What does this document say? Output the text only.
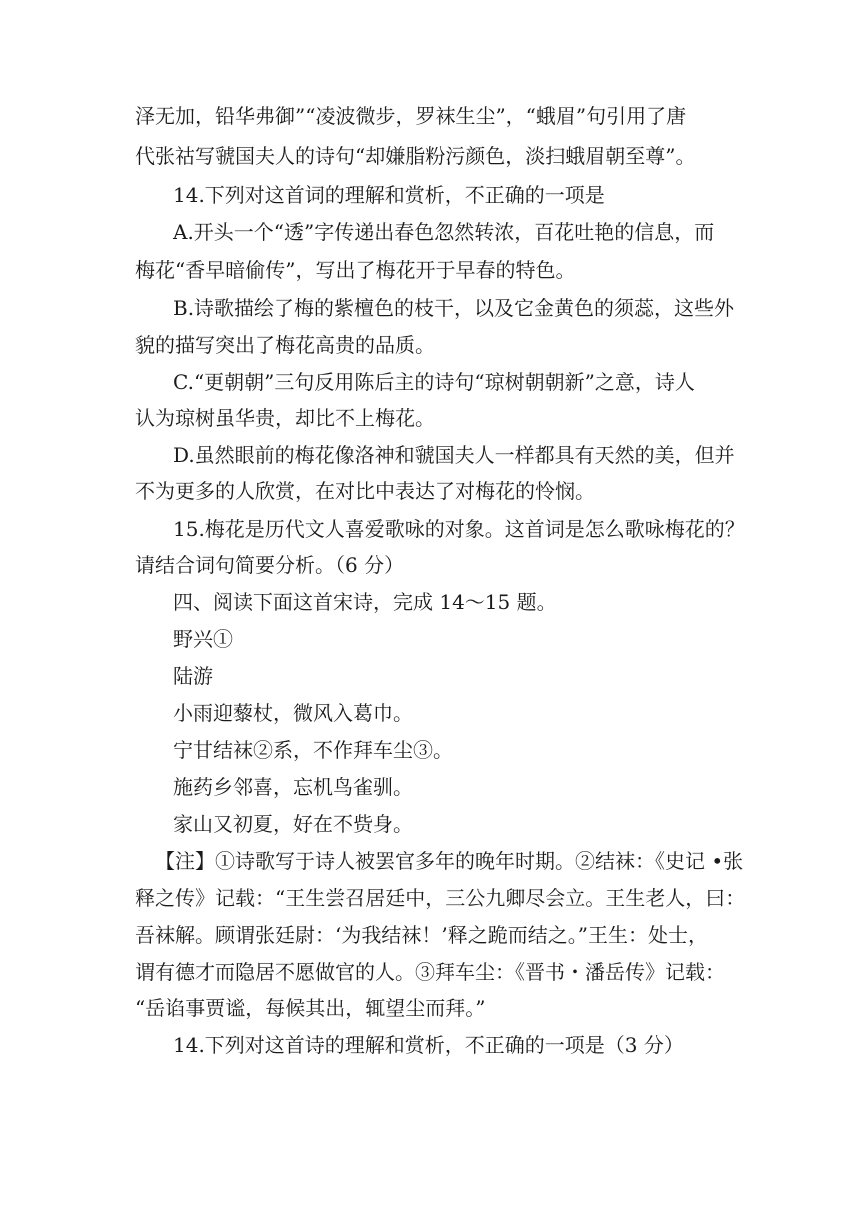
泽无加，铅华弗御”“凌波微步，罗袜生尘”，“蛾眉”句引用了唐
代张祜写虢国夫人的诗句“却嫌脂粉污颜色，淡扫蛾眉朝至尊”。
14.下列对这首词的理解和赏析，不正确的一项是
A.开头一个“透”字传递出春色忽然转浓，百花吐艳的信息，而
梅花“香早暗偷传”，写出了梅花开于早春的特色。
B.诗歌描绘了梅的紫檀色的枝干，以及它金黄色的须蕊，这些外
貌的描写突出了梅花高贵的品质。
C.“更朝朝”三句反用陈后主的诗句“琼树朝朝新”之意，诗人
认为琼树虽华贵，却比不上梅花。
D.虽然眼前的梅花像洛神和虢国夫人一样都具有天然的美，但并
不为更多的人欣赏，在对比中表达了对梅花的怜悯。
15.梅花是历代文人喜爱歌咏的对象。这首词是怎么歌咏梅花的？
请结合词句简要分析。（6 分）
四、阅读下面这首宋诗，完成 14～15 题。
野兴①
陆游
小雨迎藜杖，微风入葛巾。
宁甘结袜②系，不作拜车尘③。
施药乡邻喜，忘机鸟雀驯。
家山又初夏，好在不赀身。
【注】①诗歌写于诗人被罢官多年的晚年时期。②结袜：《史记 •张
释之传》记载：“王生尝召居廷中，三公九卿尽会立。王生老人，曰：
吾袜解。顾谓张廷尉：‘为我结袜！’释之跪而结之。”王生：处士，
谓有德才而隐居不愿做官的人。③拜车尘：《晋书・潘岳传》记载：
“岳谄事贾谧，每候其出，辄望尘而拜。”
14.下列对这首诗的理解和赏析，不正确的一项是（3 分）
